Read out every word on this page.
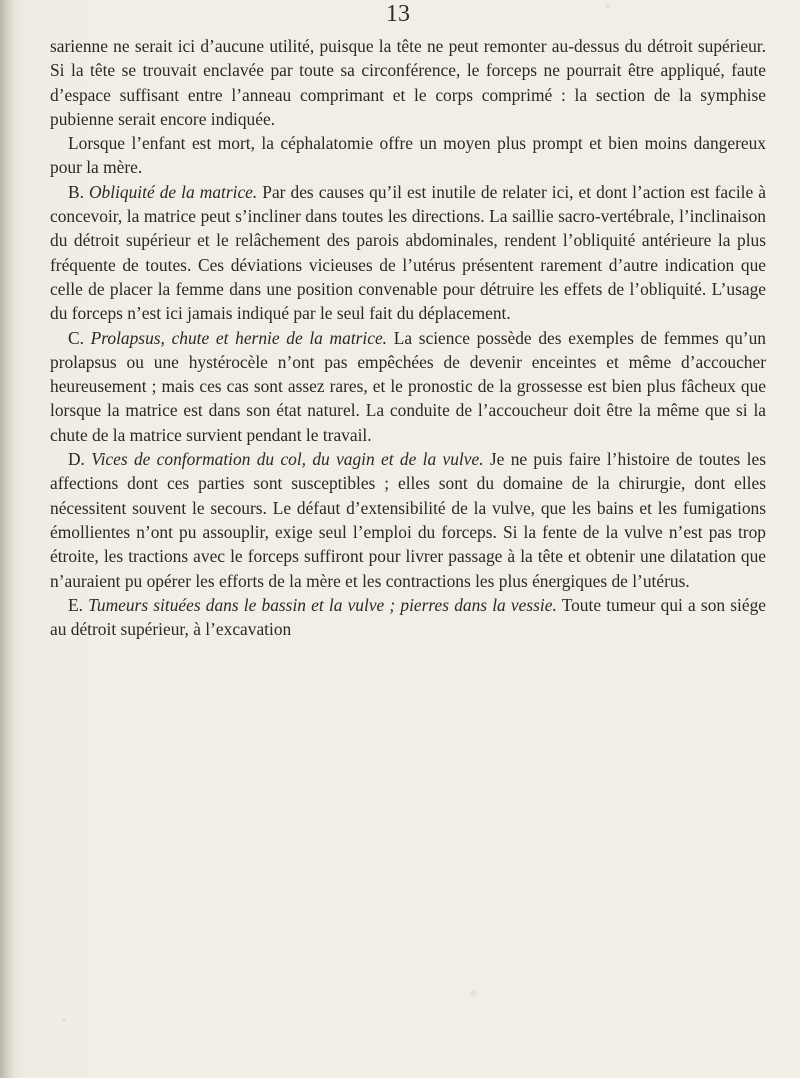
13

sarienne ne serait ici d’aucune utilité, puisque la tête ne peut remonter au-dessus du détroit supérieur. Si la tête se trouvait enclavée par toute sa circonférence, le forceps ne pourrait être appliqué, faute d’espace suffisant entre l’anneau comprimant et le corps comprimé : la section de la symphise pubienne serait encore indiquée.

Lorsque l’enfant est mort, la céphalatomie offre un moyen plus prompt et bien moins dangereux pour la mère.

B. Obliquité de la matrice. Par des causes qu’il est inutile de relater ici, et dont l’action est facile à concevoir, la matrice peut s’incliner dans toutes les directions. La saillie sacro-vertébrale, l’inclinaison du détroit supérieur et le relâchement des parois abdominales, rendent l’obliquité antérieure la plus fréquente de toutes. Ces déviations vicieuses de l’utérus présentent rarement d’autre indication que celle de placer la femme dans une position convenable pour détruire les effets de l’obliquité. L’usage du forceps n’est ici jamais indiqué par le seul fait du déplacement.

C. Prolapsus, chute et hernie de la matrice. La science possède des exemples de femmes qu’un prolapsus ou une hystérocèle n’ont pas empêchées de devenir enceintes et même d’accoucher heureusement ; mais ces cas sont assez rares, et le pronostic de la grossesse est bien plus fâcheux que lorsque la matrice est dans son état naturel. La conduite de l’accoucheur doit être la même que si la chute de la matrice survient pendant le travail.

D. Vices de conformation du col, du vagin et de la vulve. Je ne puis faire l’histoire de toutes les affections dont ces parties sont susceptibles ; elles sont du domaine de la chirurgie, dont elles nécessitent souvent le secours. Le défaut d’extensibilité de la vulve, que les bains et les fumigations émollientes n’ont pu assouplir, exige seul l’emploi du forceps. Si la fente de la vulve n’est pas trop étroite, les tractions avec le forceps suffiront pour livrer passage à la tête et obtenir une dilatation que n’auraient pu opérer les efforts de la mère et les contractions les plus énergiques de l’utérus.

E. Tumeurs situées dans le bassin et la vulve ; pierres dans la vessie. Toute tumeur qui a son siége au détroit supérieur, à l’excavation
